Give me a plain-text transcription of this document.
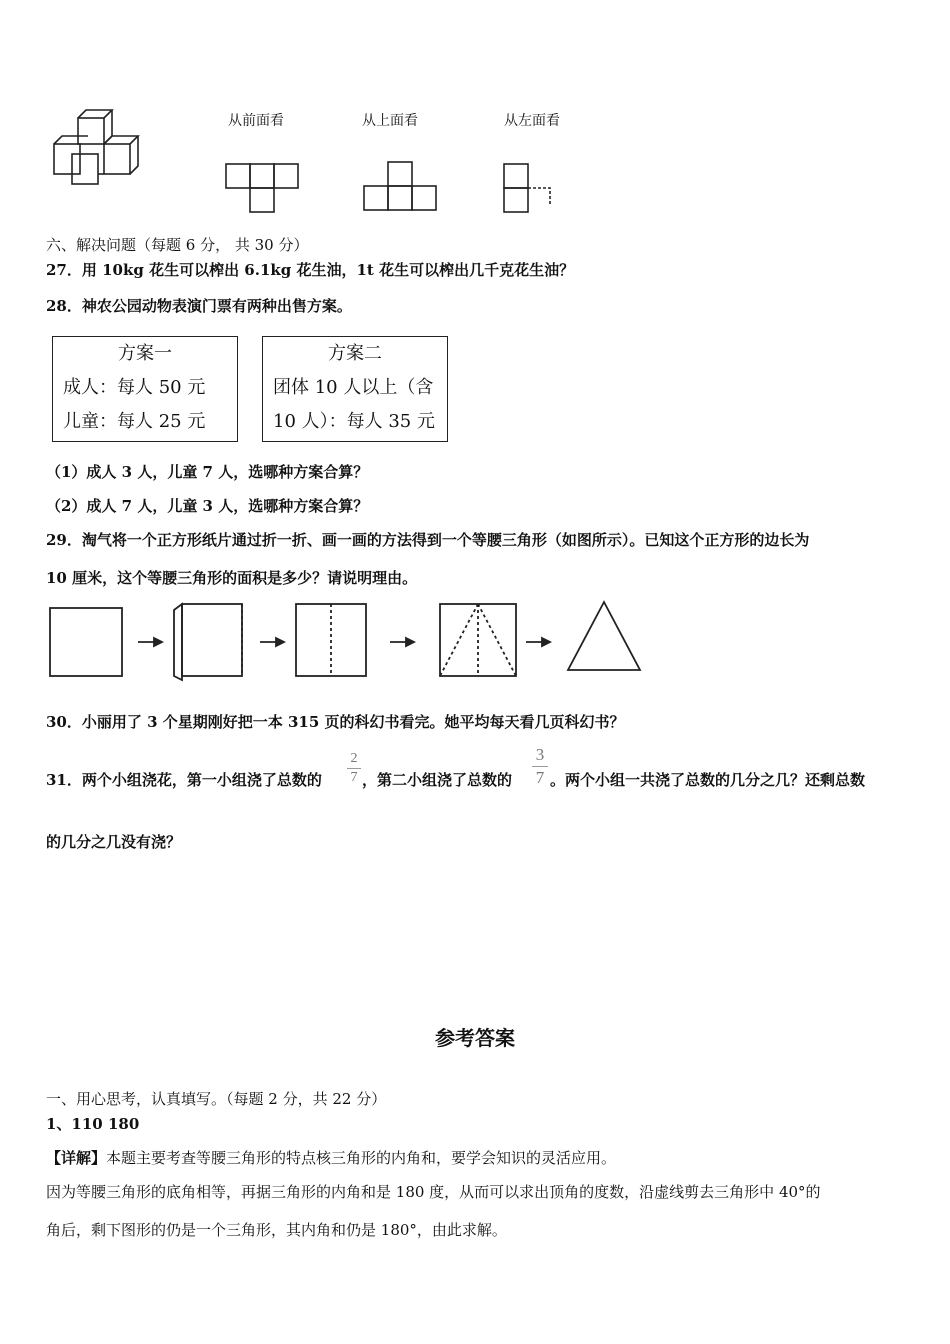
从前面看	从上面看	从左面看
六、解决问题（每题 6 分， 共 30 分）
27．用 10kg 花生可以榨出 6.1kg 花生油，1t 花生可以榨出几千克花生油？
28．神农公园动物表演门票有两种出售方案。
方案一
成人：每人 50 元
儿童：每人 25 元
方案二
团体 10 人以上（含
10 人）：每人 35 元
（1）成人 3 人，儿童 7 人，选哪种方案合算？
（2）成人 7 人，儿童 3 人，选哪种方案合算？
29．淘气将一个正方形纸片通过折一折、画一画的方法得到一个等腰三角形（如图所示）。已知这个正方形的边长为
10 厘米，这个等腰三角形的面积是多少？请说明理由。
30．小丽用了 3 个星期刚好把一本 315 页的科幻书看完。她平均每天看几页科幻书？
31．两个小组浇花，第一小组浇了总数的 $\frac{2}{7}$ ，第二小组浇了总数的 $\frac{3}{7}$ 。两个小组一共浇了总数的几分之几？还剩总数
的几分之几没有浇？
参考答案
一、用心思考，认真填写。（每题 2 分，共 22 分）
1、110 180
【详解】本题主要考查等腰三角形的特点核三角形的内角和，要学会知识的灵活应用。
因为等腰三角形的底角相等，再据三角形的内角和是 180 度，从而可以求出顶角的度数，沿虚线剪去三角形中 40°的
角后，剩下图形的仍是一个三角形，其内角和仍是 180°，由此求解。
